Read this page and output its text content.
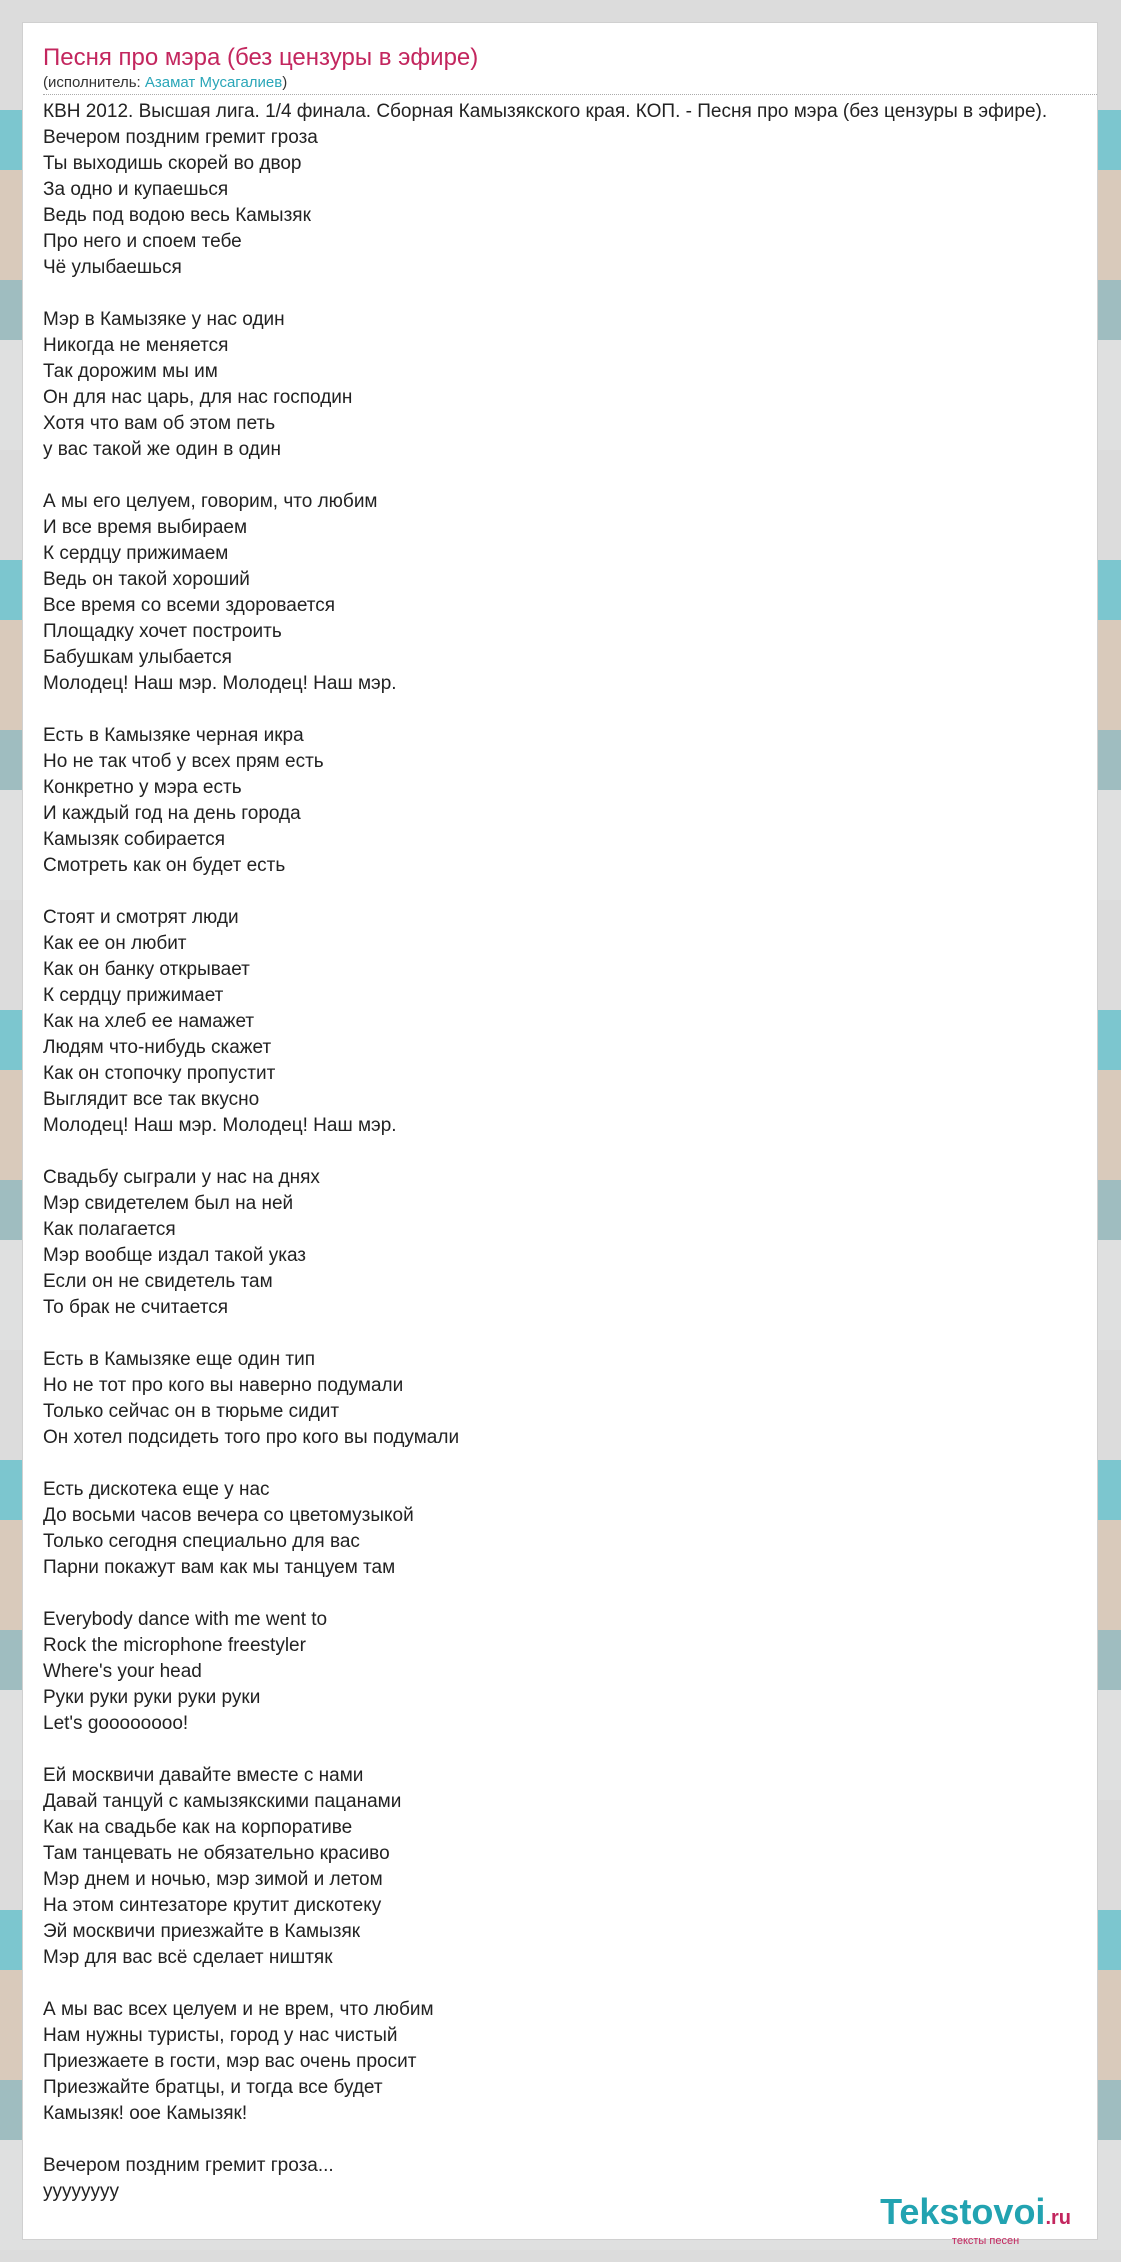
Песня про мэра (без цензуры в эфире)
(исполнитель: Азамат Мусагалиев)
КВН 2012. Высшая лига. 1/4 финала. Сборная Камызякского края. КОП. - Песня про мэра (без цензуры в эфире).
Вечером поздним гремит гроза
Ты выходишь скорей во двор
За одно и купаешься
Ведь под водою весь Камызяк
Про него и споем тебе
Чё улыбаешься

Мэр в Камызяке у нас один
Никогда не меняется
Так дорожим мы им
Он для нас царь, для нас господин
Хотя что вам об этом петь
у вас такой же один в один

А мы его целуем, говорим, что любим
И все время выбираем
К сердцу прижимаем
Ведь он такой хороший
Все время со всеми здоровается
Площадку хочет построить
Бабушкам улыбается
Молодец! Наш мэр. Молодец! Наш мэр.

Есть в Камызяке черная икра
Но не так чтоб у всех прям есть
Конкретно у мэра есть
И каждый год на день города
Камызяк собирается
Смотреть как он будет есть

Стоят и смотрят люди
Как ее он любит
Как он банку открывает
К сердцу прижимает
Как на хлеб ее намажет
Людям что-нибудь скажет
Как он стопочку пропустит
Выглядит все так вкусно
Молодец! Наш мэр. Молодец! Наш мэр.

Свадьбу сыграли у нас на днях
Мэр свидетелем был на ней
Как полагается
Мэр вообще издал такой указ
Если он не свидетель там
То брак не считается

Есть в Камызяке еще один тип
Но не тот про кого вы наверно подумали
Только сейчас он в тюрьме сидит
Он хотел подсидеть того про кого вы подумали

Есть дискотека еще у нас
До восьми часов вечера со цветомузыкой
Только сегодня специально для вас
Парни покажут вам как мы танцуем там

Everybody dance with me went to
Rock the microphone freestyler
Where's your head
Руки руки руки руки руки
Let's goooooooo!

Ей москвичи давайте вместе с нами
Давай танцуй с камызякскими пацанами
Как на свадьбе как на корпоративе
Там танцевать не обязательно красиво
Мэр днем и ночью, мэр зимой и летом
На этом синтезаторе крутит дискотеку
Эй москвичи приезжайте в Камызяк
Мэр для вас всё сделает ништяк

А мы вас всех целуем и не врем, что любим
Нам нужны туристы, город у нас чистый
Приезжаете в гости, мэр вас очень просит
Приезжайте братцы, и тогда все будет
Камызяк! оое Камызяк!

Вечером поздним гремит гроза...
уууууууу	Tekstovoi.ru
тексты песен
